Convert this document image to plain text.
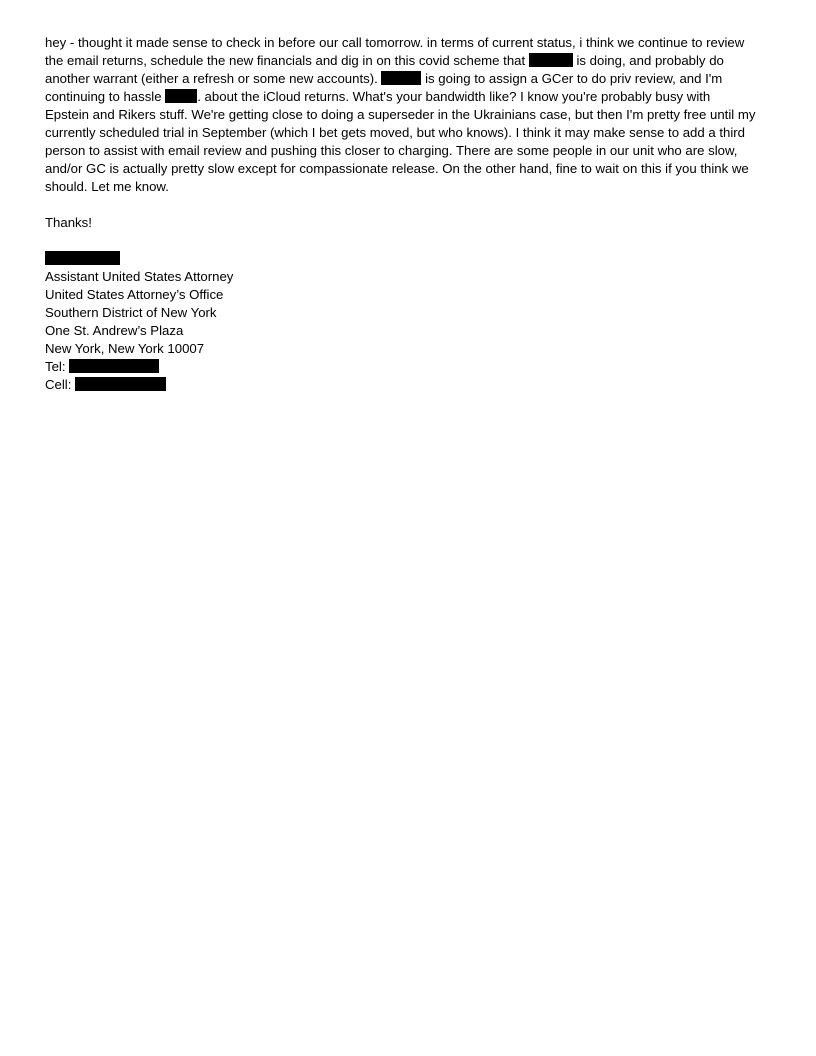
hey - thought it made sense to check in before our call tomorrow. in terms of current status, i think we continue to review
the email returns, schedule the new financials and dig in on this covid scheme that	is doing, and probably do
another warrant (either a refresh or some new accounts).	is going to assign a GCer to do priv review, and I'm
continuing to hassle . about the iCloud returns. What's your bandwidth like? I know you're probably busy with
Epstein and Rikers stuff. We're getting close to doing a superseder in the Ukrainians case, but then I'm pretty free until my
currently scheduled trial in September (which I bet gets moved, but who knows). I think it may make sense to add a third
person to assist with email review and pushing this closer to charging. There are some people in our unit who are slow,
and/or GC is actually pretty slow except for compassionate release. On the other hand, fine to wait on this if you think we
should. Let me know.
Thanks!
Assistant United States Attorney
United States Attorney’s Office
Southern District of New York
One St. Andrew’s Plaza
New York, New York 10007
Tel:
Cell:
